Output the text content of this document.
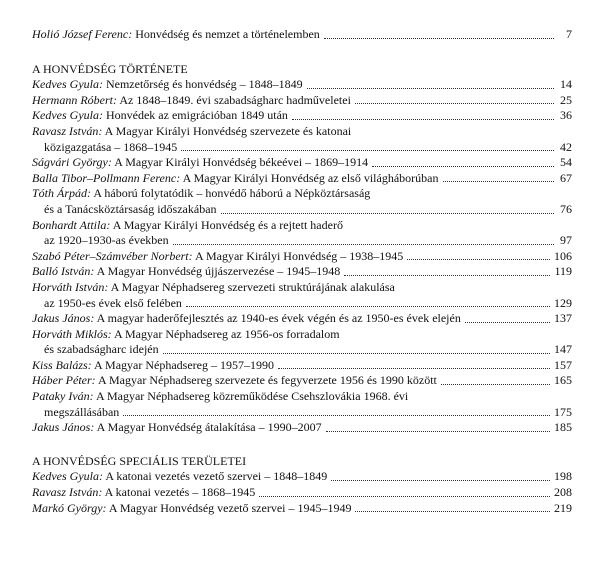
Holió József Ferenc: Honvédség és nemzet a történelemben	7
A HONVÉDSÉG TÖRTÉNETE
Kedves Gyula: Nemzetőrség és honvédség – 1848–1849	14
Hermann Róbert: Az 1848–1849. évi szabadságharc hadműveletei	25
Kedves Gyula: Honvédek az emigrációban 1849 után	36
Ravasz István: A Magyar Királyi Honvédség szervezete és katonai
közigazgatása – 1868–1945	42
Ságvári György: A Magyar Királyi Honvédség békeévei – 1869–1914	54
Balla Tibor–Pollmann Ferenc: A Magyar Királyi Honvédség az első világháborúban	67
Tóth Árpád: A háború folytatódik – honvédő háború a Népköztársaság
és a Tanácsköztársaság időszakában	76
Bonhardt Attila: A Magyar Királyi Honvédség és a rejtett haderő
az 1920–1930-as években	97
Szabó Péter–Számvéber Norbert: A Magyar Királyi Honvédség – 1938–1945	106
Balló István: A Magyar Honvédség újjászervezése – 1945–1948	119
Horváth István: A Magyar Néphadsereg szervezeti struktúrájának alakulása
az 1950-es évek első felében	129
Jakus János: A magyar haderőfejlesztés az 1940-es évek végén és az 1950-es évek elején	137
Horváth Miklós: A Magyar Néphadsereg az 1956-os forradalom
és szabadságharc idején	147
Kiss Balázs: A Magyar Néphadsereg – 1957–1990	157
Háber Péter: A Magyar Néphadsereg szervezete és fegyverzete 1956 és 1990 között	165
Pataky Iván: A Magyar Néphadsereg közreműködése Csehszlovákia 1968. évi
megszállásában	175
Jakus János: A Magyar Honvédség átalakítása – 1990–2007	185
A HONVÉDSÉG SPECIÁLIS TERÜLETEI
Kedves Gyula: A katonai vezetés vezető szervei – 1848–1849	198
Ravasz István: A katonai vezetés – 1868–1945	208
Markó György: A Magyar Honvédség vezető szervei – 1945–1949	219
